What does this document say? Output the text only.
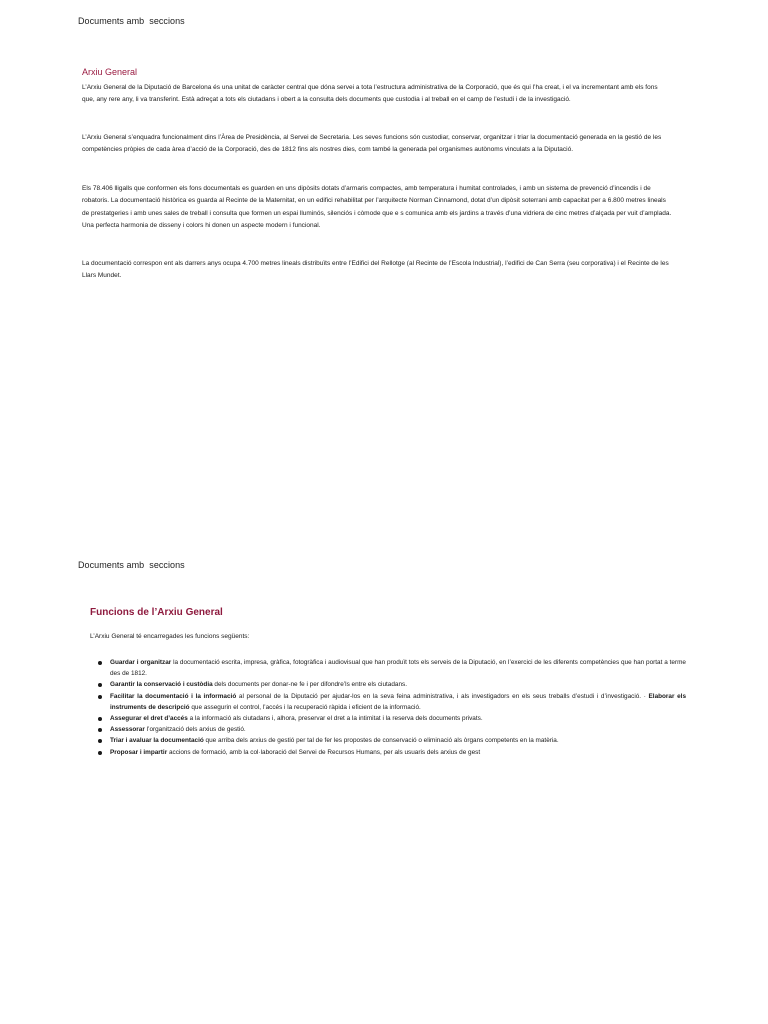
Documents amb  seccions
Arxiu General

L’Arxiu General de la Diputació de Barcelona és una unitat de caràcter central que dóna servei a tota l’estructura administrativa de la Corporació, que és qui l’ha creat, i el va incrementant amb els fons que, any rere any, li va transferint. Està adreçat a tots els ciutadans i obert a la consulta dels documents que custodia i al treball en el camp de l’estudi i de la investigació.

L’Arxiu General s’enquadra funcionalment dins l’Àrea de Presidència, al Servei de Secretaria. Les seves funcions són custodiar, conservar, organitzar i triar la documentació generada en la gestió de les competències pròpies de cada àrea d’acció de la Corporació, des de 1812 fins als nostres dies, com també la generada pel organismes autònoms vinculats a la Diputació.

Els 78.406 lligalls que conformen els fons documentals es guarden en uns dipòsits dotats d’armaris compactes, amb temperatura i humitat controlades, i amb un sistema de prevenció d’incendis i de robatoris. La documentació històrica es guarda al Recinte de la Maternitat, en un edifici rehabilitat per l’arquitecte Norman Cinnamond, dotat d’un dipòsit soterrani amb capacitat per a 6.800 metres lineals de prestatgeries i amb unes sales de treball i consulta que formen un espai lluminós, silenciós i còmode que e s comunica amb els jardins a través d’una vidriera de cinc metres d’alçada per vuit d’amplada. Una perfecta harmonia de disseny i colors hi donen un aspecte modern i funcional.

La documentació correspon ent als darrers anys ocupa 4.700 metres lineals distribuïts entre l’Edifici del Rellotge (al Recinte de l’Escola Industrial), l’edifici de Can Serra (seu corporativa) i el Recinte de les Llars Mundet.

Documents amb  seccions
Funcions de l’Arxiu General
L’Arxiu General té encarregades les funcions següents:
Guardar i organitzar la documentació escrita, impresa, gràfica, fotogràfica i audiovisual que han produït tots els serveis de la Diputació, en l’exercici de les diferents competències que han portat a terme des de 1812.
Garantir la conservació i custòdia dels documents per donar-ne fe i per difondre’ls entre els ciutadans.
Facilitar la documentació i la informació al personal de la Diputació per ajudar-los en la seva feina administrativa, i als investigadors en els seus treballs d’estudi i d’investigació. · Elaborar els instruments de descripció que assegurin el control, l’accés i la recuperació ràpida i eficient de la informació.
Assegurar el dret d’accés a la informació als ciutadans i, alhora, preservar el dret a la intimitat i la reserva dels documents privats.
Assessorar l’organització dels arxius de gestió.
Triar i avaluar la documentació que arriba dels arxius de gestió per tal de fer les propostes de conservació o eliminació als òrgans competents en la matèria.
Proposar i impartir accions de formació, amb la col·laboració del Servei de Recursos Humans, per als usuaris dels arxius de gest
